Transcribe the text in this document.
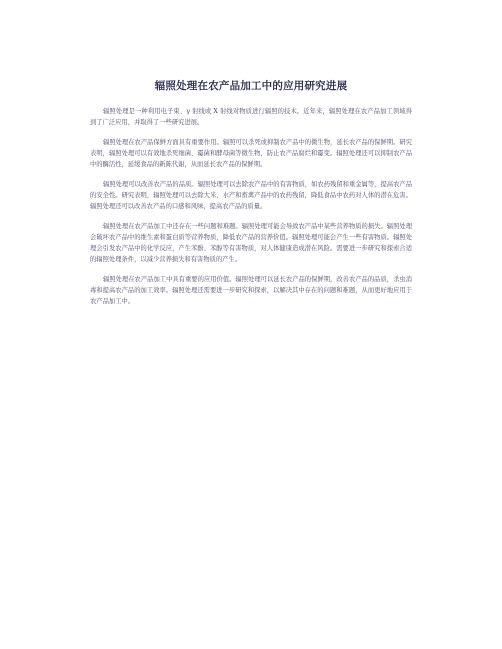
辐照处理在农产品加工中的应用研究进展

辐照处理是一种利用电子束、γ 射线或 X 射线对物质进行辐照的技术。近年来，辐照处理在农产品加工领域得到了广泛应用，并取得了一些研究进展。

辐照处理在农产品保鲜方面具有重要作用。辐照可以杀死或抑制农产品中的微生物，延长农产品的保鲜期。研究表明，辐照处理可以有效地杀死细菌、霉菌和酵母菌等微生物，防止农产品腐烂和霉变。辐照处理还可以抑制农产品中的酶活性，延缓食品的新陈代谢，从而延长农产品的保鲜期。

辐照处理可以改善农产品的品质。辐照处理可以去除农产品中的有害物质，如农药残留和重金属等，提高农产品的安全性。研究表明，辐照处理可以去除大米、水产和畜禽产品中的农药残留，降低食品中农药对人体的潜在危害。辐照处理还可以改善农产品的口感和风味，提高农产品的质量。

辐照处理在农产品加工中还存在一些问题和难题。辐照处理可能会导致农产品中某些营养物质的损失。辐照处理会破坏农产品中的维生素和蛋白质等营养物质，降低农产品的营养价值。辐照处理可能会产生一些有害物质。辐照处理会引发农产品中的化学反应，产生苯酚、苯醇等有害物质，对人体健康造成潜在风险。需要进一步研究和探索合适的辐照处理条件，以减少营养损失和有害物质的产生。

辐照处理在农产品加工中具有重要的应用价值。辐照处理可以延长农产品的保鲜期，改善农产品的品质，杀虫消毒和提高农产品的加工效率。辐照处理还需要进一步研究和探索，以解决其中存在的问题和难题，从而更好地应用于农产品加工中。
